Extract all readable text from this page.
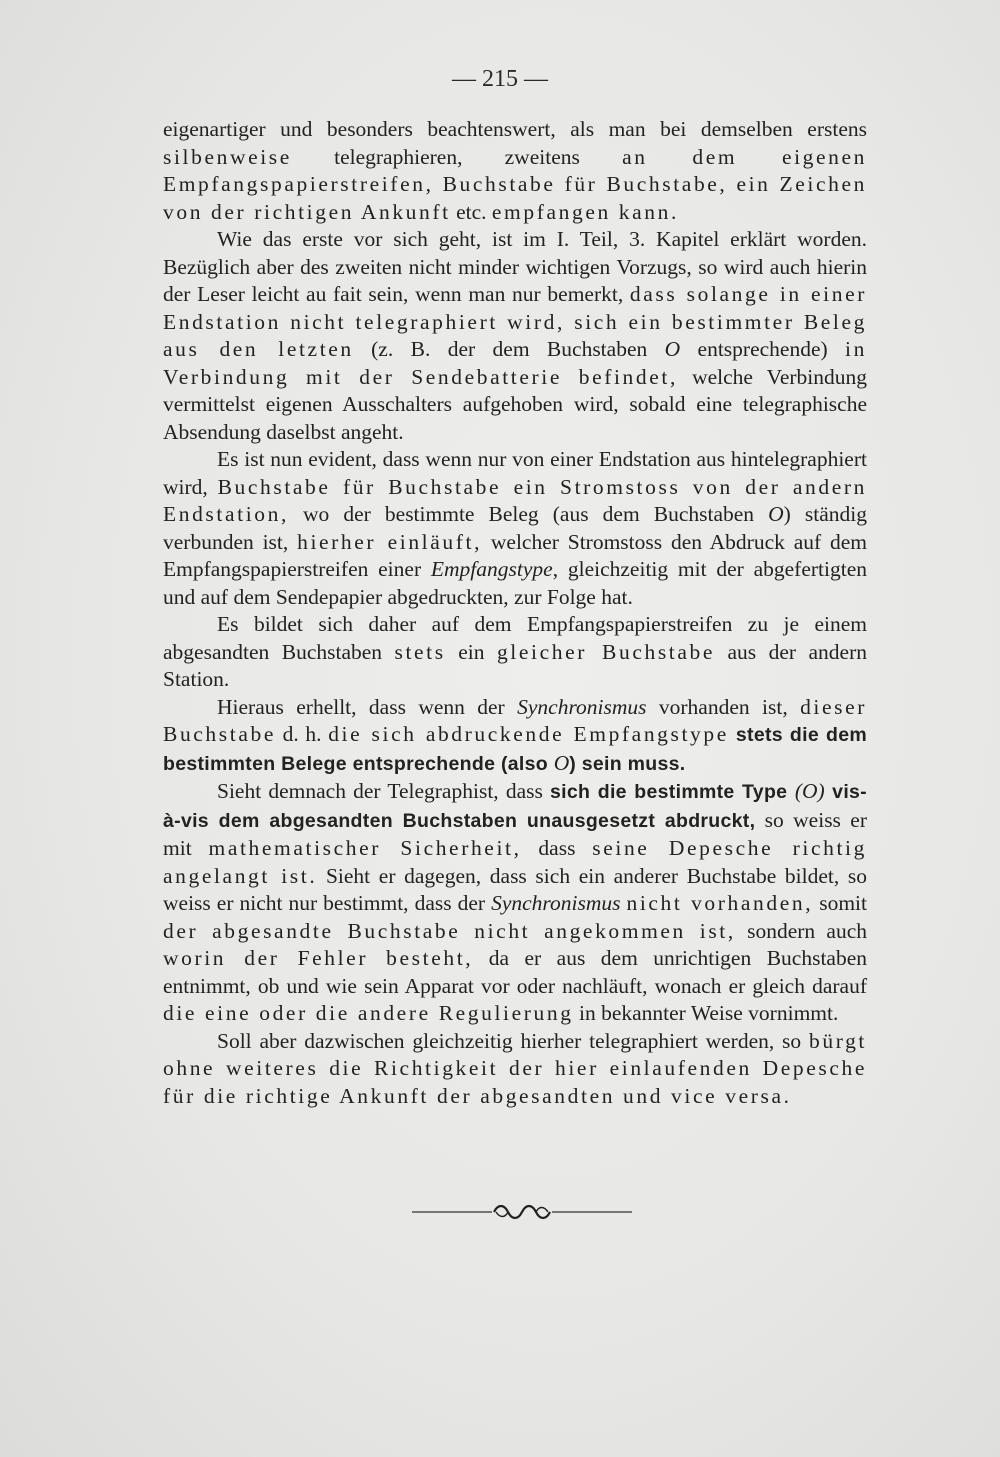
— 215 —

eigenartiger und besonders beachtenswert, als man bei demselben erstens silbenweise telegraphieren, zweitens an dem eigenen Empfangspapierstreifen, Buchstabe für Buchstabe, ein Zeichen von der richtigen Ankunft etc. empfangen kann.

Wie das erste vor sich geht, ist im I. Teil, 3. Kapitel erklärt worden. Bezüglich aber des zweiten nicht minder wichtigen Vorzugs, so wird auch hierin der Leser leicht au fait sein, wenn man nur bemerkt, dass solange in einer Endstation nicht telegraphiert wird, sich ein bestimmter Beleg aus den letzten (z. B. der dem Buchstaben O entsprechende) in Verbindung mit der Sendebatterie befindet, welche Verbindung vermittelst eigenen Ausschalters aufgehoben wird, sobald eine telegraphische Absendung daselbst angeht.

Es ist nun evident, dass wenn nur von einer Endstation aus hintelegraphiert wird, Buchstabe für Buchstabe ein Stromstoss von der andern Endstation, wo der bestimmte Beleg (aus dem Buchstaben O) ständig verbunden ist, hierher einläuft, welcher Stromstoss den Abdruck auf dem Empfangspapierstreifen einer Empfangstype, gleichzeitig mit der abgefertigten und auf dem Sendepapier abgedruckten, zur Folge hat.

Es bildet sich daher auf dem Empfangspapierstreifen zu je einem abgesandten Buchstaben stets ein gleicher Buchstabe aus der andern Station.

Hieraus erhellt, dass wenn der Synchronismus vorhanden ist, dieser Buchstabe d. h. die sich abdruckende Empfangstype stets die dem bestimmten Belege entsprechende (also O) sein muss.

Sieht demnach der Telegraphist, dass sich die bestimmte Type (O) vis-à-vis dem abgesandten Buchstaben unausgesetzt abdruckt, so weiss er mit mathematischer Sicherheit, dass seine Depesche richtig angelangt ist. Sieht er dagegen, dass sich ein anderer Buchstabe bildet, so weiss er nicht nur bestimmt, dass der Synchronismus nicht vorhanden, somit der abgesandte Buchstabe nicht angekommen ist, sondern auch worin der Fehler besteht, da er aus dem unrichtigen Buchstaben entnimmt, ob und wie sein Apparat vor oder nachläuft, wonach er gleich darauf die eine oder die andere Regulierung in bekannter Weise vornimmt.

Soll aber dazwischen gleichzeitig hierher telegraphiert werden, so bürgt ohne weiteres die Richtigkeit der hier einlaufenden Depesche für die richtige Ankunft der abgesandten und vice versa.
